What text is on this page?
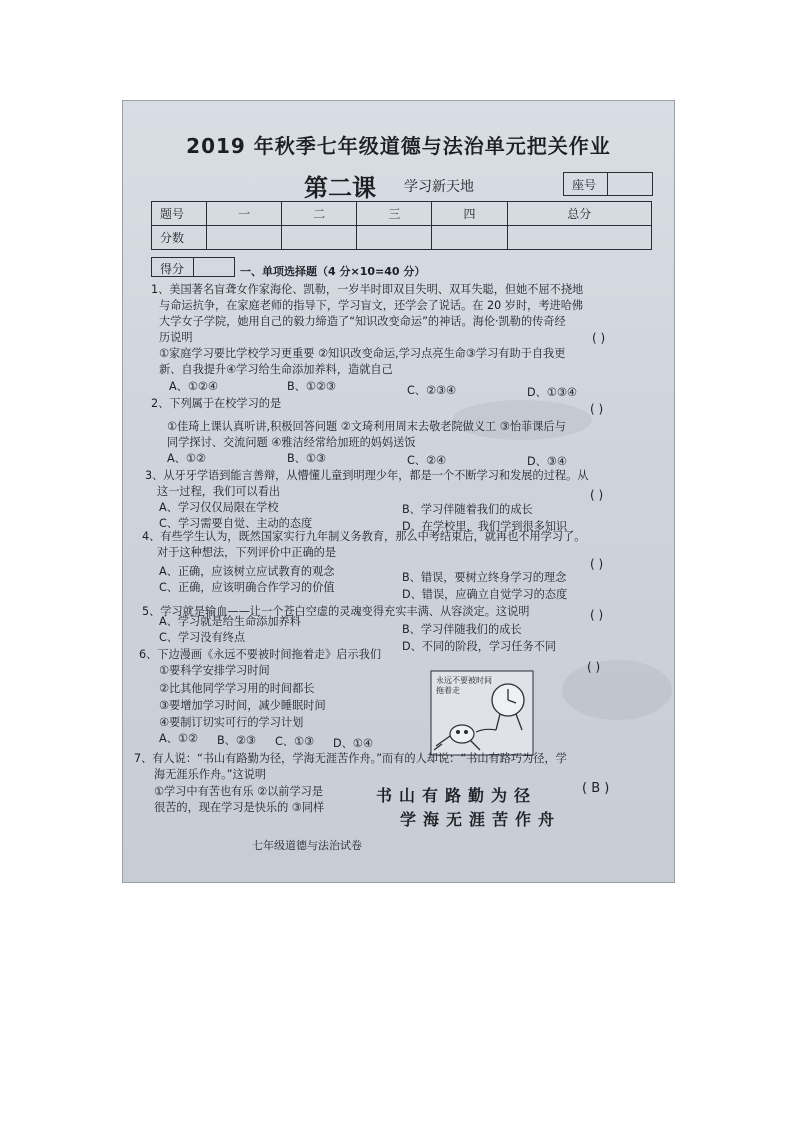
2019 年秋季七年级道德与法治单元把关作业
第二课 学习新天地	座号
题号	一	二	三	四	总分
分数					
得分	一、单项选择题（4 分×10=40 分）
1、美国著名盲聋女作家海伦、凯勒，一岁半时即双目失明、双耳失聪，但她不屈不挠地
与命运抗争，在家庭老师的指导下，学习盲文，还学会了说话。在 20 岁时，考进哈佛
大学女子学院，她用自己的毅力缔造了“知识改变命运”的神话。海伦·凯勒的传奇经
历说明	( )
①家庭学习要比学校学习更重要 ②知识改变命运,学习点亮生命③学习有助于自我更
新、自我提升④学习给生命添加养料，造就自己
A、①②④	B、①②③	C、②③④	D、①③④
2、下列属于在校学习的是	( )
①佳琦上课认真听讲,积极回答问题 ②文琦利用周末去敬老院做义工 ③怡菲课后与
同学探讨、交流问题 ④雅洁经常给加班的妈妈送饭
A、①②	B、①③	C、②④	D、③④
3、从牙牙学语到能言善辩，从懵懂儿童到明理少年，都是一个不断学习和发展的过程。从
这一过程，我们可以看出	( )
A、学习仅仅局限在学校	B、学习伴随着我们的成长
C、学习需要自觉、主动的态度	D、在学校里，我们学到很多知识
4、有些学生认为，既然国家实行九年制义务教育，那么中考结束后，就再也不用学习了。
对于这种想法，下列评价中正确的是
( )
A、正确，应该树立应试教育的观念	B、错误，要树立终身学习的理念
C、正确，应该明确合作学习的价值
D、错误，应确立自觉学习的态度
5、学习就是输血——让一个苍白空虚的灵魂变得充实丰满、从容淡定。这说明	( )
A、学习就是给生命添加养料
B、学习伴随我们的成长
C、学习没有终点
D、不同的阶段，学习任务不同
6、下边漫画《永远不要被时间拖着走》启示我们
( )
①要科学安排学习时间
②比其他同学学习用的时间都长
③要增加学习时间，减少睡眠时间
④要制订切实可行的学习计划
A、①② B、②③ C、①③ D、①④
永远不要被时间拖着走
7、有人说：“书山有路勤为径，学海无涯苦作舟。”而有的人却说：“书山有路巧为径，学
海无涯乐作舟。”这说明
( B )
①学习中有苦也有乐 ②以前学习是
很苦的，现在学习是快乐的 ③同样
书山有路勤为径
学海无涯苦作舟
七年级道德与法治试卷
